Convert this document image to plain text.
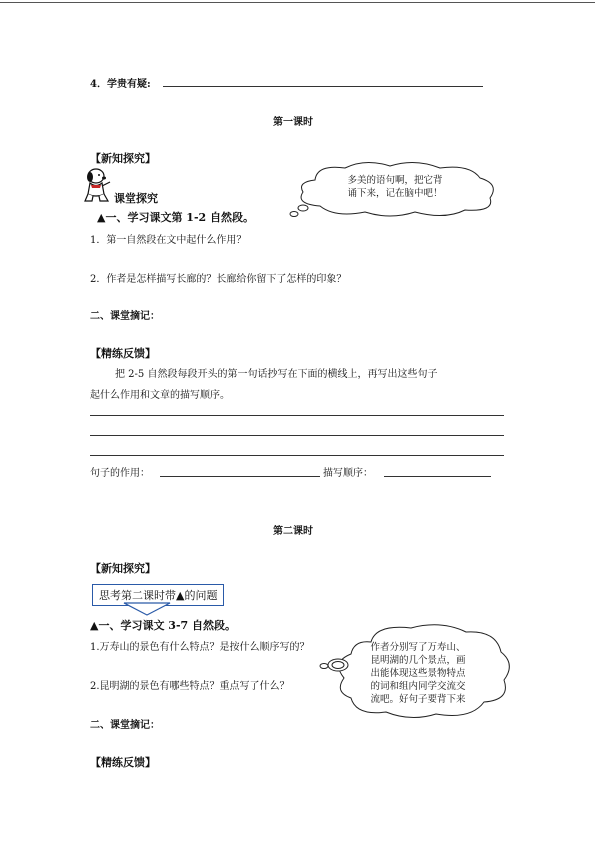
4．学贵有疑:
第一课时
【新知探究】
课堂探究
多美的语句啊，把它背诵下来，记在脑中吧！
▲一、学习课文第 1-2 自然段。
1．第一自然段在文中起什么作用？
2．作者是怎样描写长廊的？长廊给你留下了怎样的印象？
二、课堂摘记：
【精练反馈】
把 2-5 自然段每段开头的第一句话抄写在下面的横线上，再写出这些句子
起什么作用和文章的描写顺序。
句子的作用：	描写顺序：
第二课时
【新知探究】
思考第二课时带▲的问题
▲一、学习课文 3-7 自然段。
1.万寿山的景色有什么特点？是按什么顺序写的？
2.昆明湖的景色有哪些特点？重点写了什么？
作者分别写了万寿山、昆明湖的几个景点，画出能体现这些景物特点的词和组内同学交流交流吧。好句子要背下来
二、课堂摘记：
【精练反馈】
